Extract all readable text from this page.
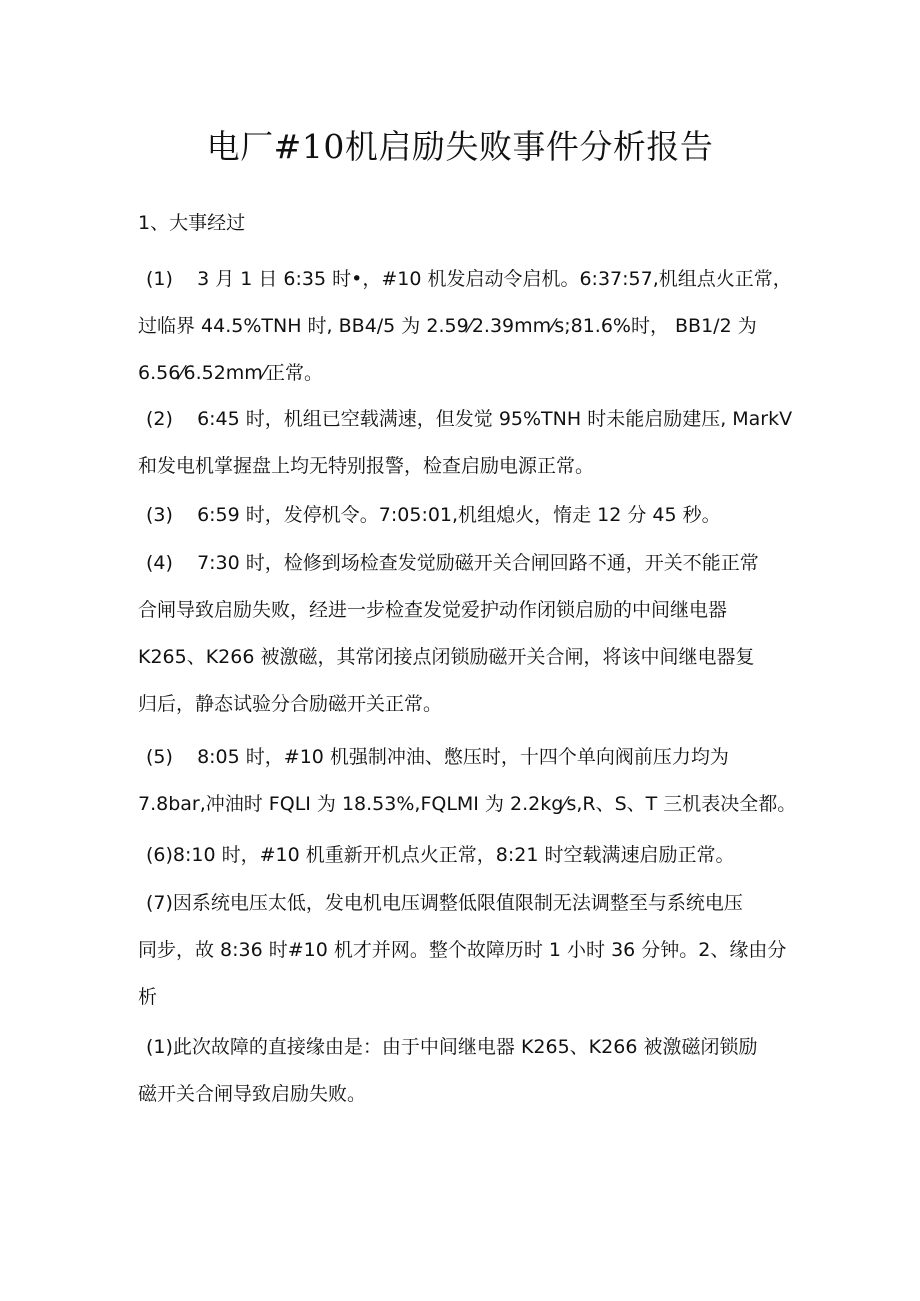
电厂#10机启励失败事件分析报告
1、大事经过
(1)    3 月 1 日 6:35 时•，#10 机发启动令启机。6:37:57,机组点火正常，
过临界 44.5%TNH 时, BB4/5 为 2.59⁄2.39mm⁄s;81.6%时， BB1/2 为
6.56⁄6.52mm⁄正常。
(2)    6:45 时，机组已空载满速，但发觉 95%TNH 时未能启励建压, MarkV
和发电机掌握盘上均无特别报警，检查启励电源正常。
(3)    6:59 时，发停机令。7:05:01,机组熄火，惰走 12 分 45 秒。
(4)    7:30 时，检修到场检查发觉励磁开关合闸回路不通，开关不能正常
合闸导致启励失败，经进一步检查发觉爱护动作闭锁启励的中间继电器
K265、K266 被激磁，其常闭接点闭锁励磁开关合闸，将该中间继电器复
归后，静态试验分合励磁开关正常。
(5)    8:05 时，#10 机强制冲油、憋压时，十四个单向阀前压力均为
7.8bar,冲油时 FQLI 为 18.53%,FQLMI 为 2.2kg⁄s,R、S、T 三机表决全都。
(6)8:10 时，#10 机重新开机点火正常，8:21 时空载满速启励正常。
(7)因系统电压太低，发电机电压调整低限值限制无法调整至与系统电压
同步，故 8:36 时#10 机才并网。整个故障历时 1 小时 36 分钟。2、缘由分
析
(1)此次故障的直接缘由是：由于中间继电器 K265、K266 被激磁闭锁励
磁开关合闸导致启励失败。
